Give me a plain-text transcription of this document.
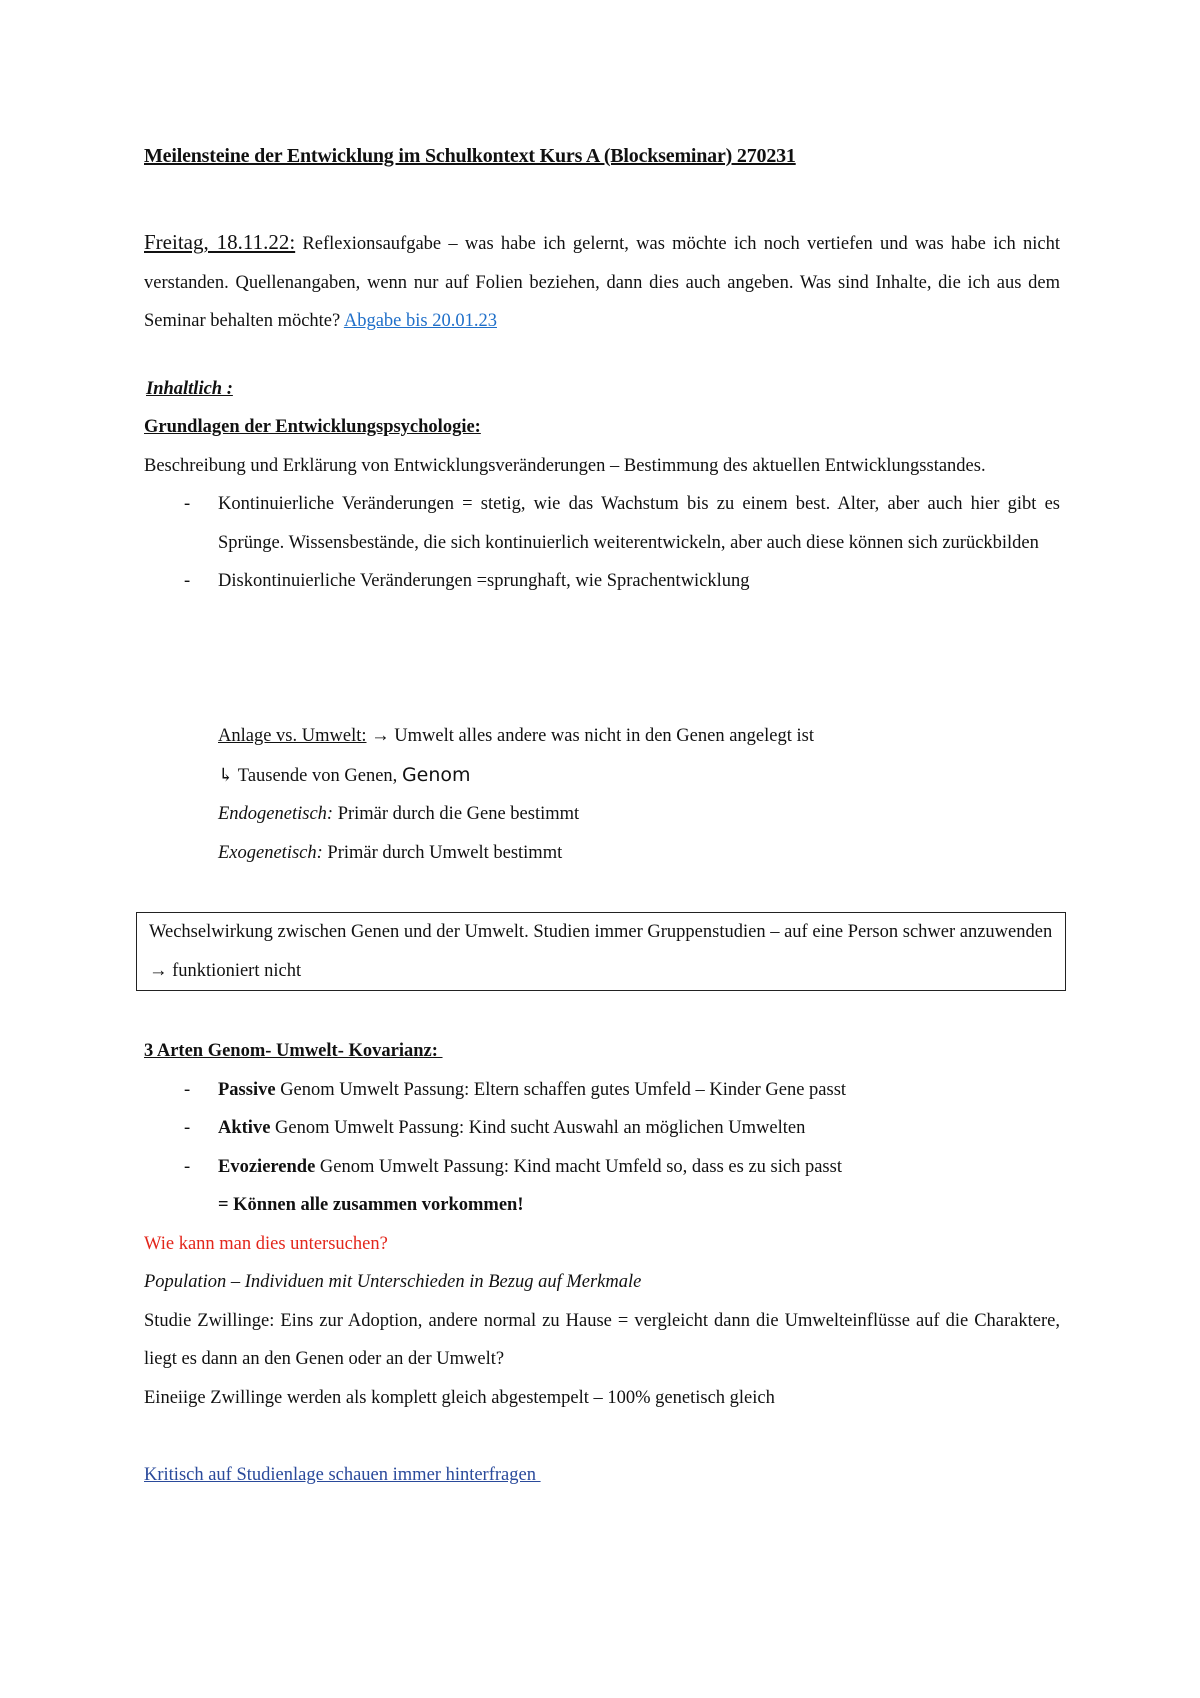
Meilensteine der Entwicklung im Schulkontext Kurs A (Blockseminar) 270231
Freitag, 18.11.22: Reflexionsaufgabe – was habe ich gelernt, was möchte ich noch vertiefen und was habe ich nicht verstanden. Quellenangaben, wenn nur auf Folien beziehen, dann dies auch angeben. Was sind Inhalte, die ich aus dem Seminar behalten möchte? Abgabe bis 20.01.23
Inhaltlich :
Grundlagen der Entwicklungspsychologie:
Beschreibung und Erklärung von Entwicklungsveränderungen – Bestimmung des aktuellen Entwicklungsstandes.
- Kontinuierliche Veränderungen = stetig, wie das Wachstum bis zu einem best. Alter, aber auch hier gibt es Sprünge. Wissensbestände, die sich kontinuierlich weiterentwickeln, aber auch diese können sich zurückbilden
- Diskontinuierliche Veränderungen =sprunghaft, wie Sprachentwicklung
Anlage vs. Umwelt: → Umwelt alles andere was nicht in den Genen angelegt ist
↳ Tausende von Genen, Genom
Endogenetisch: Primär durch die Gene bestimmt
Exogenetisch: Primär durch Umwelt bestimmt
Wechselwirkung zwischen Genen und der Umwelt. Studien immer Gruppenstudien – auf eine Person schwer anzuwenden → funktioniert nicht
3 Arten Genom- Umwelt- Kovarianz:
- Passive Genom Umwelt Passung: Eltern schaffen gutes Umfeld – Kinder Gene passt
- Aktive Genom Umwelt Passung: Kind sucht Auswahl an möglichen Umwelten
- Evozierende Genom Umwelt Passung: Kind macht Umfeld so, dass es zu sich passt
= Können alle zusammen vorkommen!
Wie kann man dies untersuchen?
Population – Individuen mit Unterschieden in Bezug auf Merkmale
Studie Zwillinge: Eins zur Adoption, andere normal zu Hause = vergleicht dann die Umwelteinflüsse auf die Charaktere, liegt es dann an den Genen oder an der Umwelt?
Eineiige Zwillinge werden als komplett gleich abgestempelt – 100% genetisch gleich
Kritisch auf Studienlage schauen immer hinterfragen
